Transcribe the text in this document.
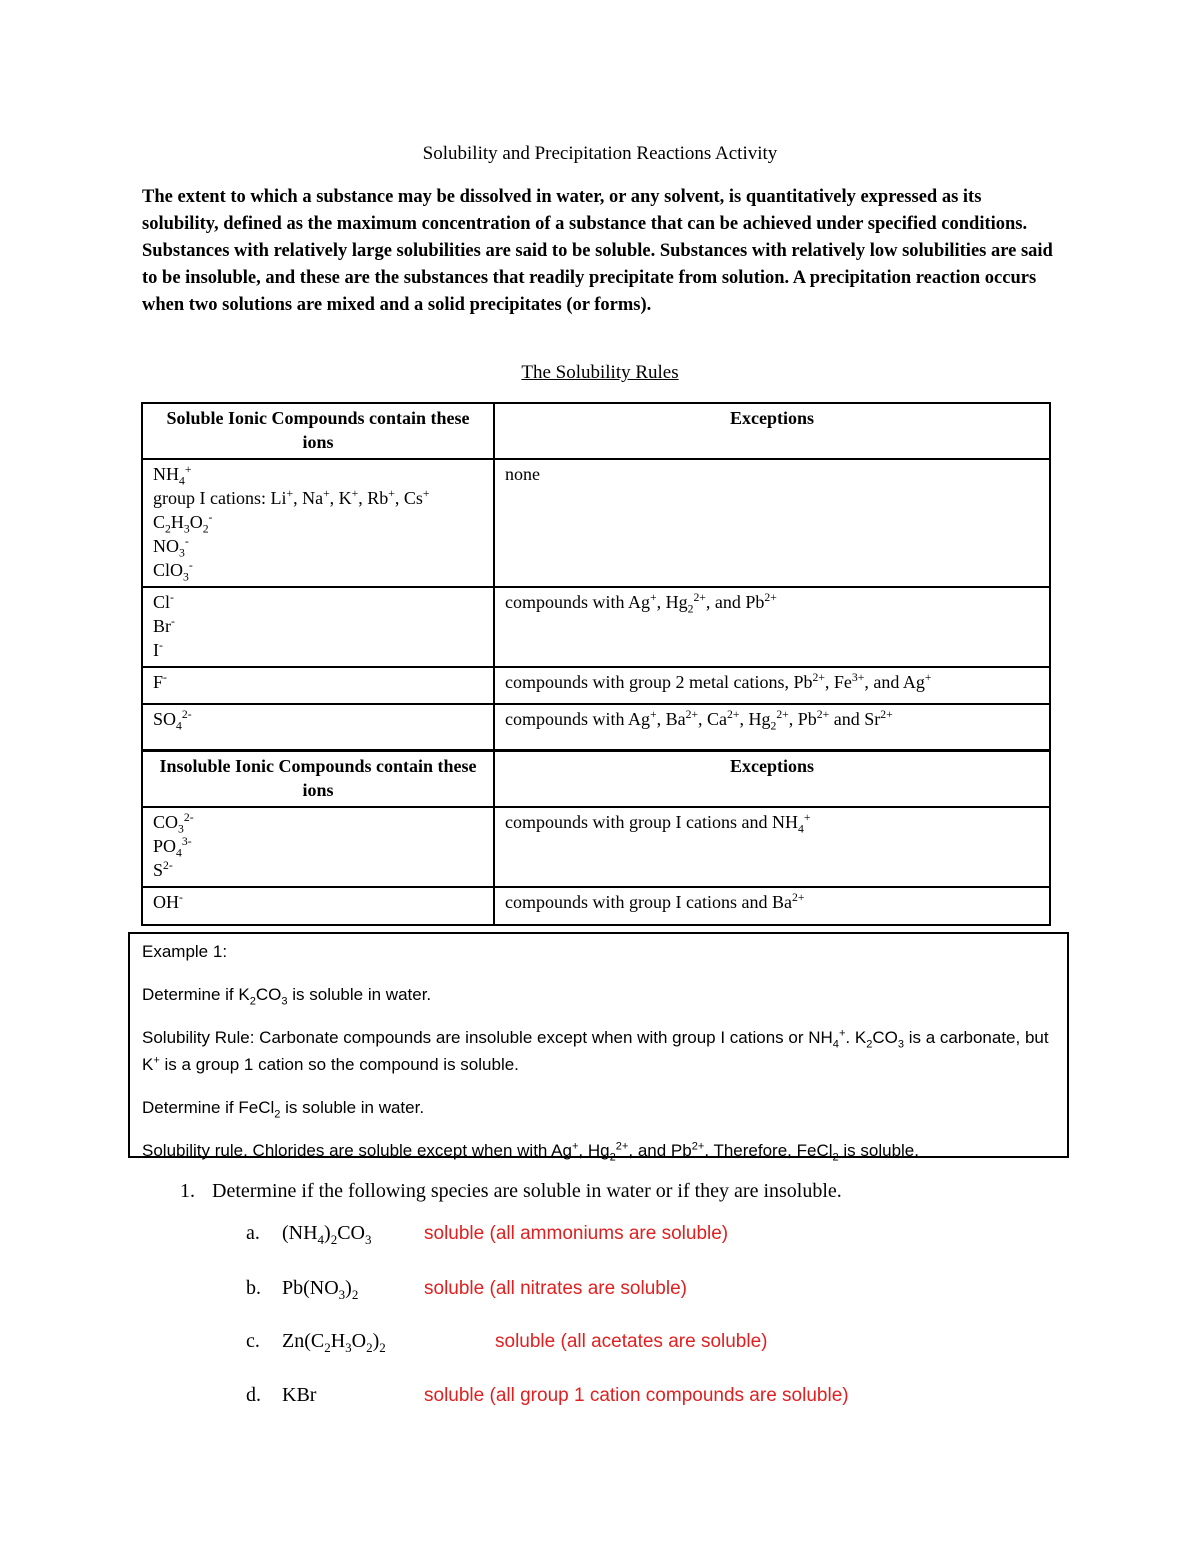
Solubility and Precipitation Reactions Activity

The extent to which a substance may be dissolved in water, or any solvent, is quantitatively expressed as its solubility, defined as the maximum concentration of a substance that can be achieved under specified conditions. Substances with relatively large solubilities are said to be soluble. Substances with relatively low solubilities are said to be insoluble, and these are the substances that readily precipitate from solution. A precipitation reaction occurs when two solutions are mixed and a solid precipitates (or forms).

The Solubility Rules
Soluble Ionic Compounds contain these ions	Exceptions

$NH_4^+$
group I cations: Li+, Na+, K+, Rb+, Cs+
$C_2H_3O_2^-$
$NO_3^-$
ClO$_3$-	none

Cl-
Br-
I-	compounds with Ag+, $Hg_2^{2+}$, and $Pb^{2+}$

F-	compounds with group 2 metal cations, $Pb^{2+}$, $Fe^{3+}$, and Ag+

$SO_4^{2-}$	compounds with Ag+, $Ba^{2+}$, $Ca^{2+}$, $Hg_2^{2+}$, $Pb^{2+}$ and $Sr^{2+}$
Insoluble Ionic Compounds contain these ions	Exceptions

$CO_3^{2-}$
$PO_4^{3-}$
$S^{2-}$	compounds with group I cations and $NH_4^+$

OH-	compounds with group I cations and $Ba^{2+}$

Example 1:

Determine if $K_2CO_3$ is soluble in water.

Solubility Rule: Carbonate compounds are insoluble except when with group I cations or $NH_4^+$. $K_2CO_3$ is a carbonate, but K+ is a group 1 cation so the compound is soluble.

Determine if FeCl$_2$ is soluble in water.

Solubility rule. Chlorides are soluble except when with Ag+, $Hg_2^{2+}$, and $Pb^{2+}$. Therefore, FeCl$_2$ is soluble.

1. Determine if the following species are soluble in water or if they are insoluble.
a. $(NH_4)_2CO_3$	soluble (all ammoniums are soluble)
b. $Pb(NO_3)_2$	soluble (all nitrates are soluble)
c. $Zn(C_2H_3O_2)_2$	soluble (all acetates are soluble)
d. KBr	soluble (all group 1 cation compounds are soluble)
